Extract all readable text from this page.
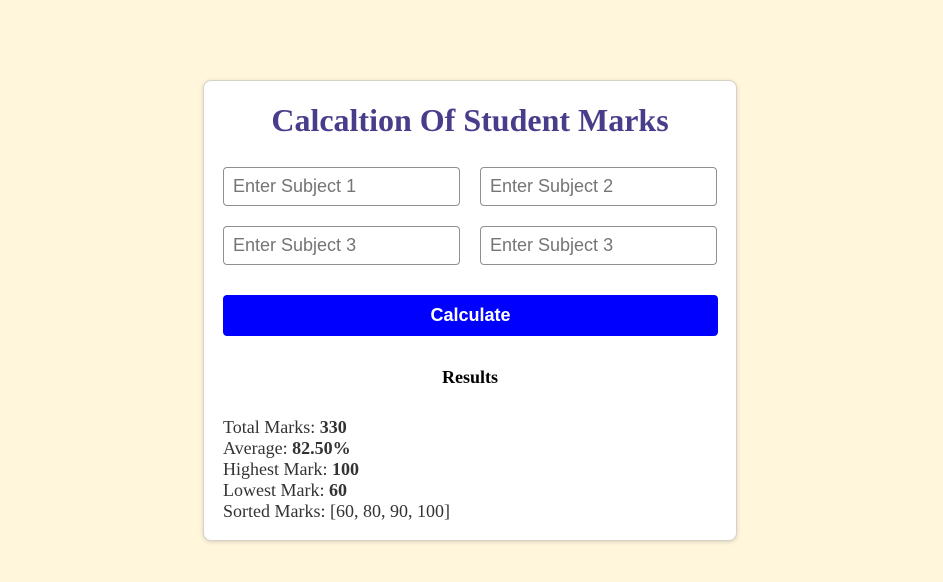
Calcaltion Of Student Marks
Enter Subject 1
Enter Subject 2
Enter Subject 3
Enter Subject 3
Calculate
Results
Total Marks: 330
Average: 82.50%
Highest Mark: 100
Lowest Mark: 60
Sorted Marks: [60, 80, 90, 100]
